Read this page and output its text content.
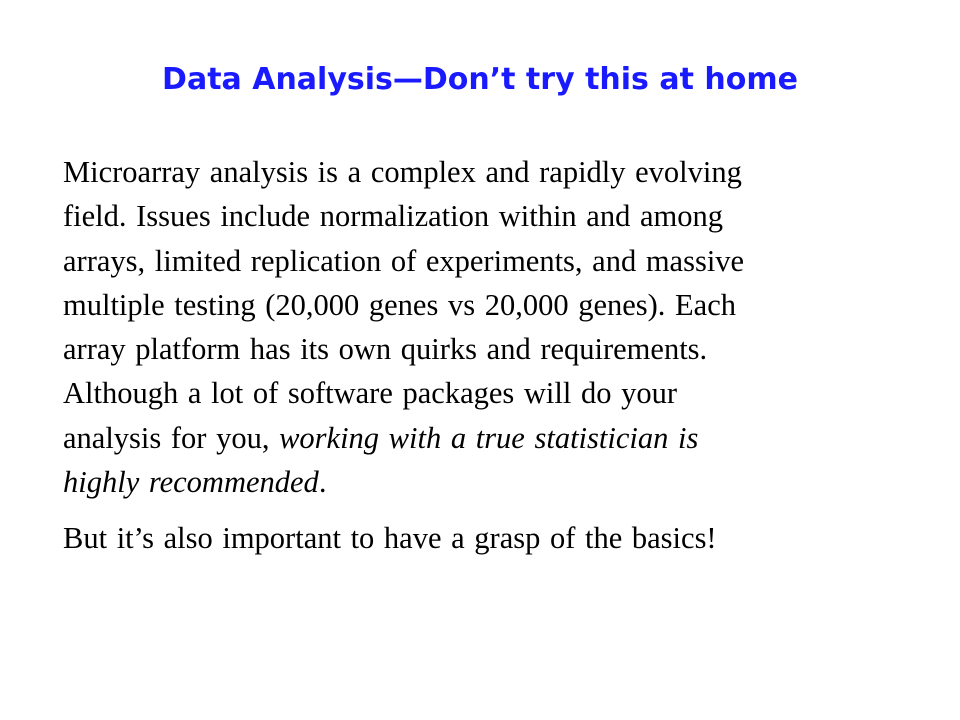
Data Analysis—Don’t try this at home

Microarray analysis is a complex and rapidly evolving
field. Issues include normalization within and among
arrays, limited replication of experiments, and massive
multiple testing (20,000 genes vs 20,000 genes). Each
array platform has its own quirks and requirements.
Although a lot of software packages will do your
analysis for you, working with a true statistician is
highly recommended.

But it’s also important to have a grasp of the basics!
